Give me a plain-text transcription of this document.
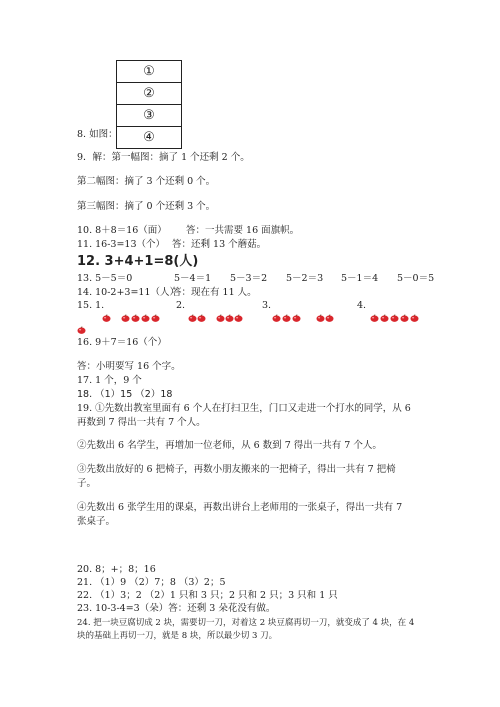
①
②
③
④
8. 如图：
9．解：第一幅图：摘了 1 个还剩 2 个。
第二幅图：摘了 3 个还剩 0 个。
第三幅图：摘了 0 个还剩 3 个。
10. 8＋8＝16（面） 答：一共需要 16 面旗帜。
11. 16-3=13（个） 答：还剩 13 个蘑菇。
12. 3+4+1=8(人)
13. 5－5＝0	5－4＝1 5－3＝2 5－2＝3 5－1＝4 5－0＝5
14. 10-2+3=11（人）
答：现在有 11 人。
15. 1.	2.	3.	4.
16. 9＋7＝16（个）
答：小明要写 16 个字。
17. 1 个，9 个
18. （1）15 （2）18
19. ①先数出教室里面有 6 个人在打扫卫生，门口又走进一个打水的同学，从 6
再数到 7 得出一共有 7 个人。
②先数出 6 名学生，再增加一位老师，从 6 数到 7 得出一共有 7 个人。
③先数出放好的 6 把椅子，再数小朋友搬来的一把椅子，得出一共有 7 把椅
子。
④先数出 6 张学生用的课桌，再数出讲台上老师用的一张桌子，得出一共有 7
张桌子。
20. 8；+；8；16
21. （1）9 （2）7；8 （3）2；5
22. （1）3；2 （2）1 只和 3 只；2 只和 2 只；3 只和 1 只
23. 10-3-4=3（朵）答：还剩 3 朵花没有做。
24. 把一块豆腐切成 2 块，需要切一刀，对着这 2 块豆腐再切一刀，就变成了 4 块，在 4
块的基础上再切一刀，就是 8 块，所以最少切 3 刀。
